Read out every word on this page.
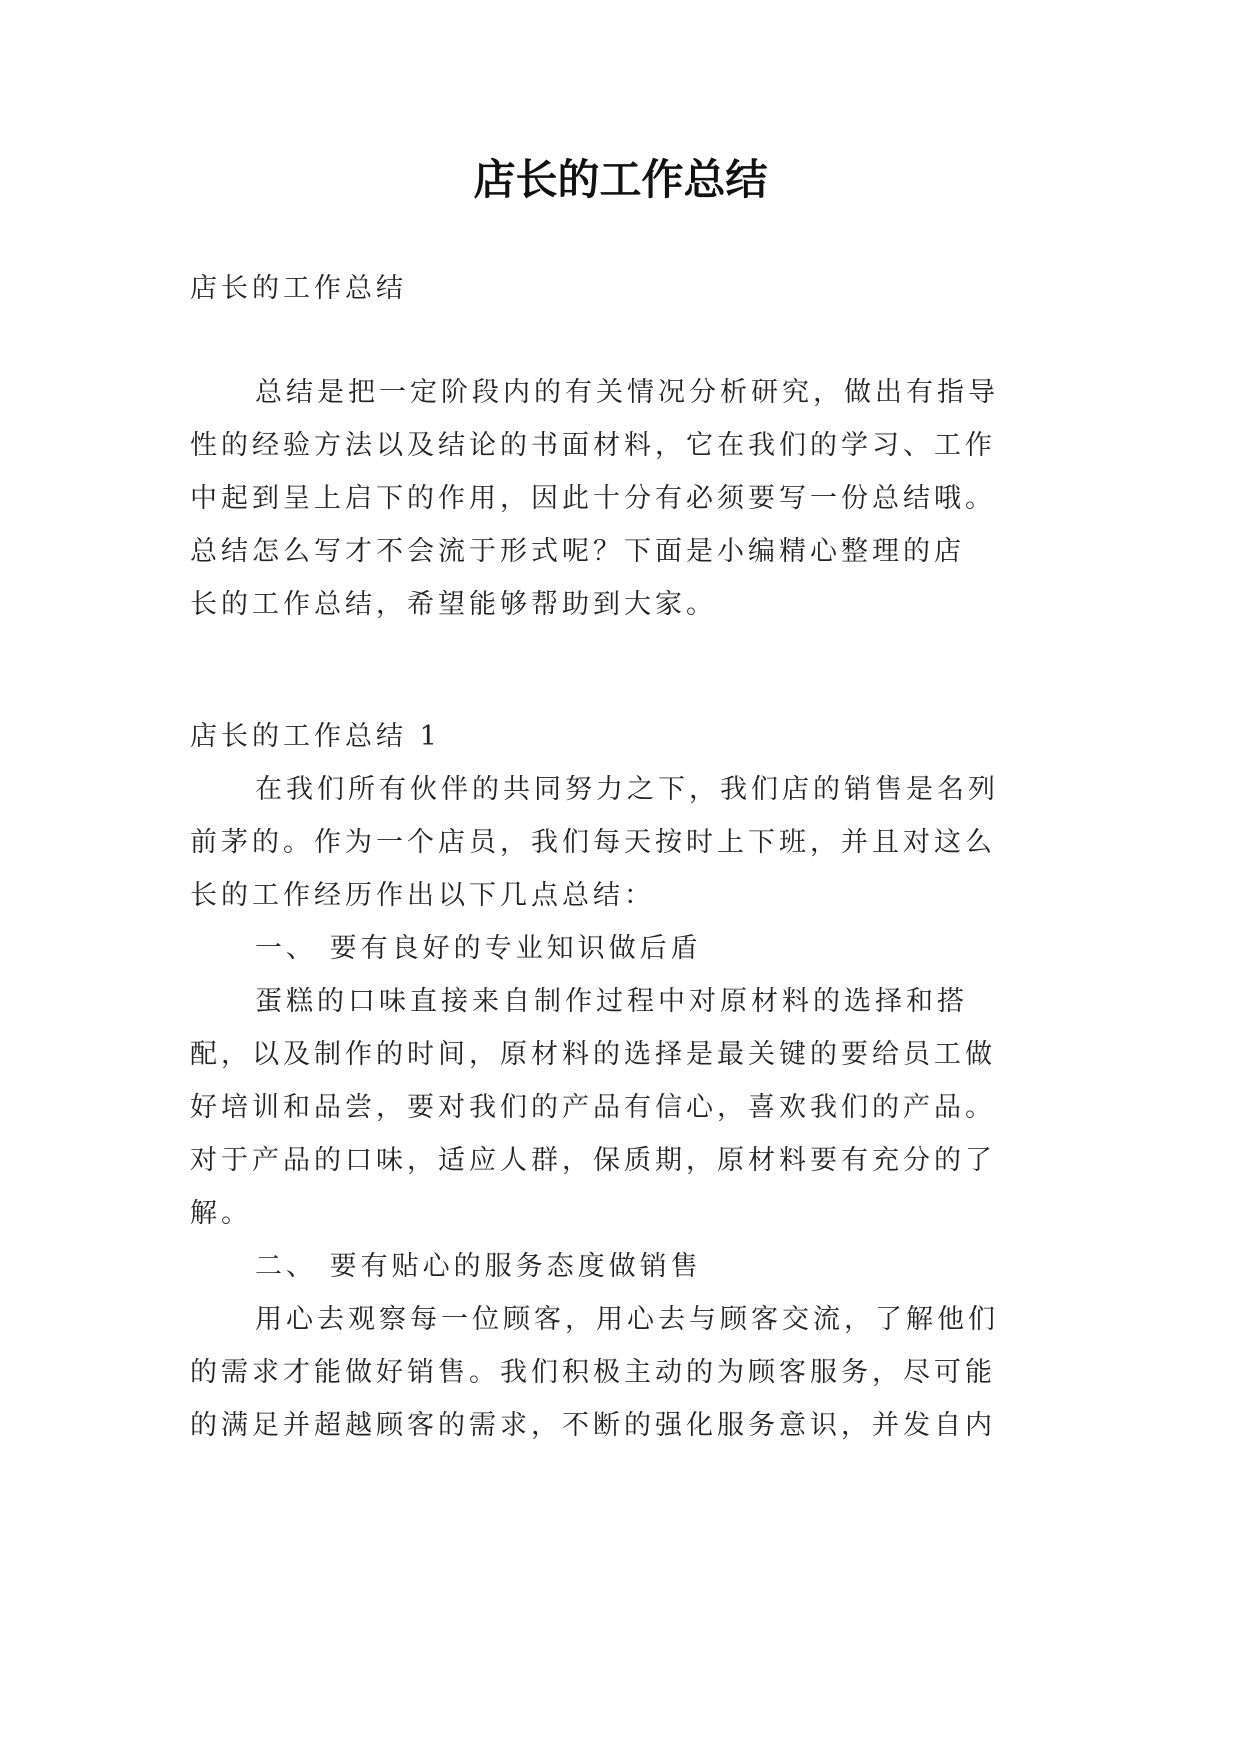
店长的工作总结

店长的工作总结

总结是把一定阶段内的有关情况分析研究，做出有指导
性的经验方法以及结论的书面材料，它在我们的学习、工作
中起到呈上启下的作用，因此十分有必须要写一份总结哦。
总结怎么写才不会流于形式呢？下面是小编精心整理的店
长的工作总结，希望能够帮助到大家。

店长的工作总结 1

在我们所有伙伴的共同努力之下，我们店的销售是名列
前茅的。作为一个店员，我们每天按时上下班，并且对这么
长的工作经历作出以下几点总结：

一、 要有良好的专业知识做后盾

蛋糕的口味直接来自制作过程中对原材料的选择和搭
配，以及制作的时间，原材料的选择是最关键的要给员工做
好培训和品尝，要对我们的产品有信心，喜欢我们的产品。
对于产品的口味，适应人群，保质期，原材料要有充分的了
解。

二、 要有贴心的服务态度做销售

用心去观察每一位顾客，用心去与顾客交流，了解他们
的需求才能做好销售。我们积极主动的为顾客服务，尽可能
的满足并超越顾客的需求，不断的强化服务意识，并发自内
